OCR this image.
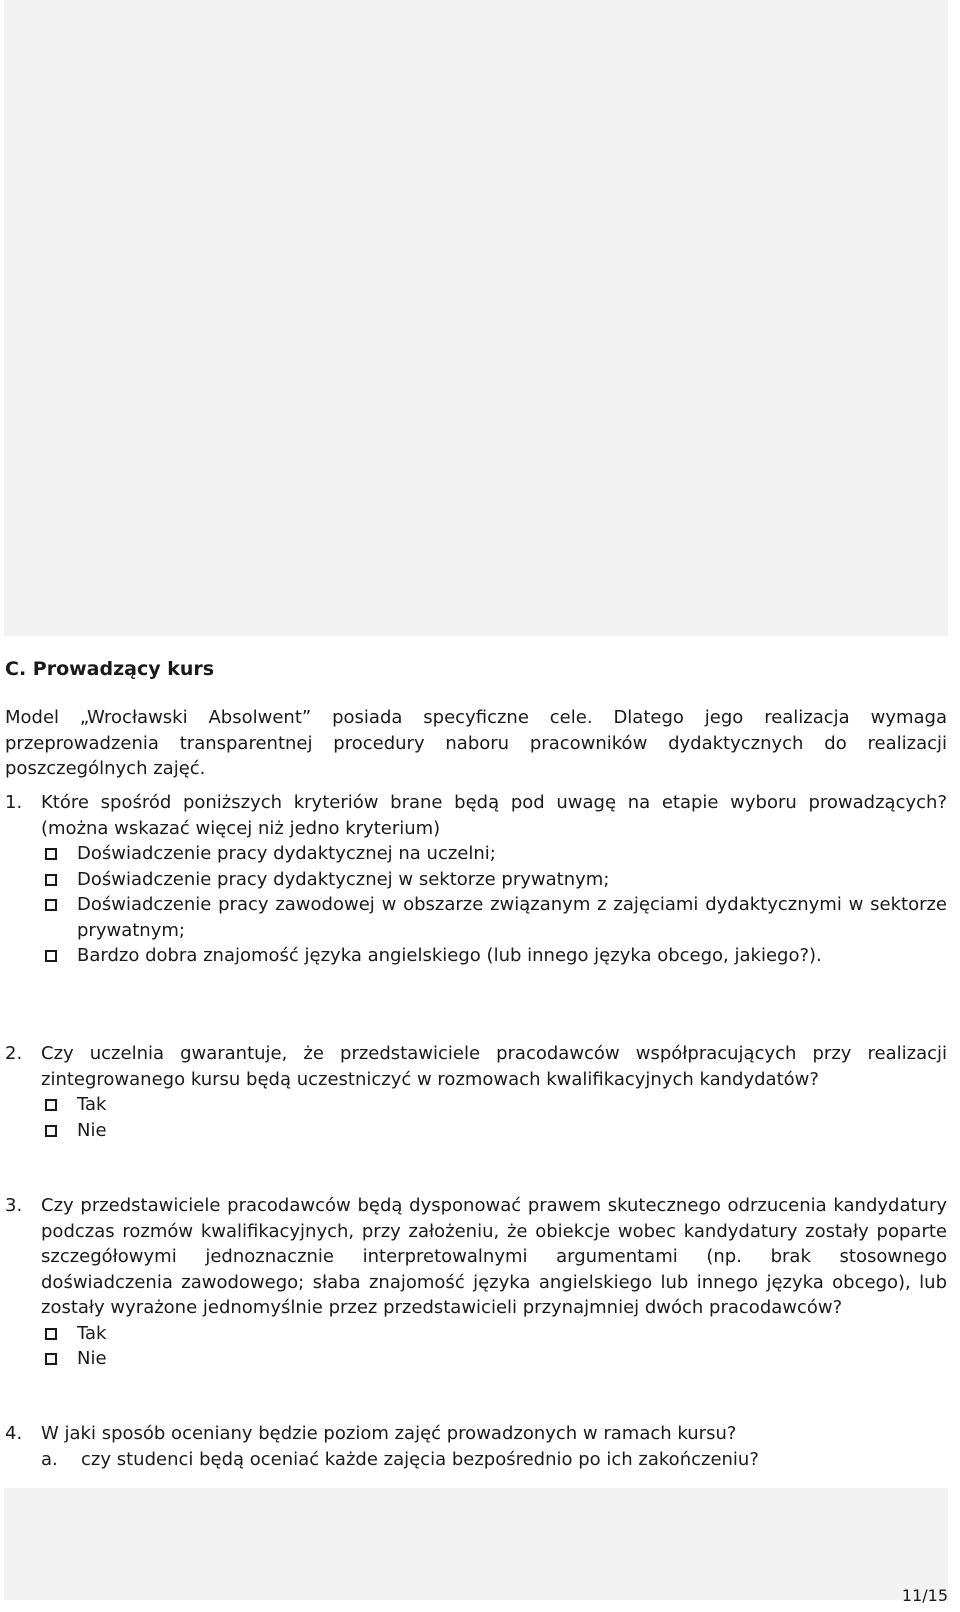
C. Prowadzący kurs
Model „Wrocławski Absolwent” posiada specyficzne cele. Dlatego jego realizacja wymaga przeprowadzenia transparentnej procedury naboru pracowników dydaktycznych do realizacji poszczególnych zajęć.
1. Które spośród poniższych kryteriów brane będą pod uwagę na etapie wyboru prowadzących? (można wskazać więcej niż jedno kryterium)
Doświadczenie pracy dydaktycznej na uczelni;
Doświadczenie pracy dydaktycznej w sektorze prywatnym;
Doświadczenie pracy zawodowej w obszarze związanym z zajęciami dydaktycznymi w sektorze prywatnym;
Bardzo dobra znajomość języka angielskiego (lub innego języka obcego, jakiego?).
2. Czy uczelnia gwarantuje, że przedstawiciele pracodawców współpracujących przy realizacji zintegrowanego kursu będą uczestniczyć w rozmowach kwalifikacyjnych kandydatów?
Tak
Nie
3. Czy przedstawiciele pracodawców będą dysponować prawem skutecznego odrzucenia kandydatury podczas rozmów kwalifikacyjnych, przy założeniu, że obiekcje wobec kandydatury zostały poparte szczegółowymi jednoznacznie interpretowalnymi argumentami (np. brak stosownego doświadczenia zawodowego; słaba znajomość języka angielskiego lub innego języka obcego), lub zostały wyrażone jednomyślnie przez przedstawicieli przynajmniej dwóch pracodawców?
Tak
Nie
4. W jaki sposób oceniany będzie poziom zajęć prowadzonych w ramach kursu?
a. czy studenci będą oceniać każde zajęcia bezpośrednio po ich zakończeniu?
11/15
